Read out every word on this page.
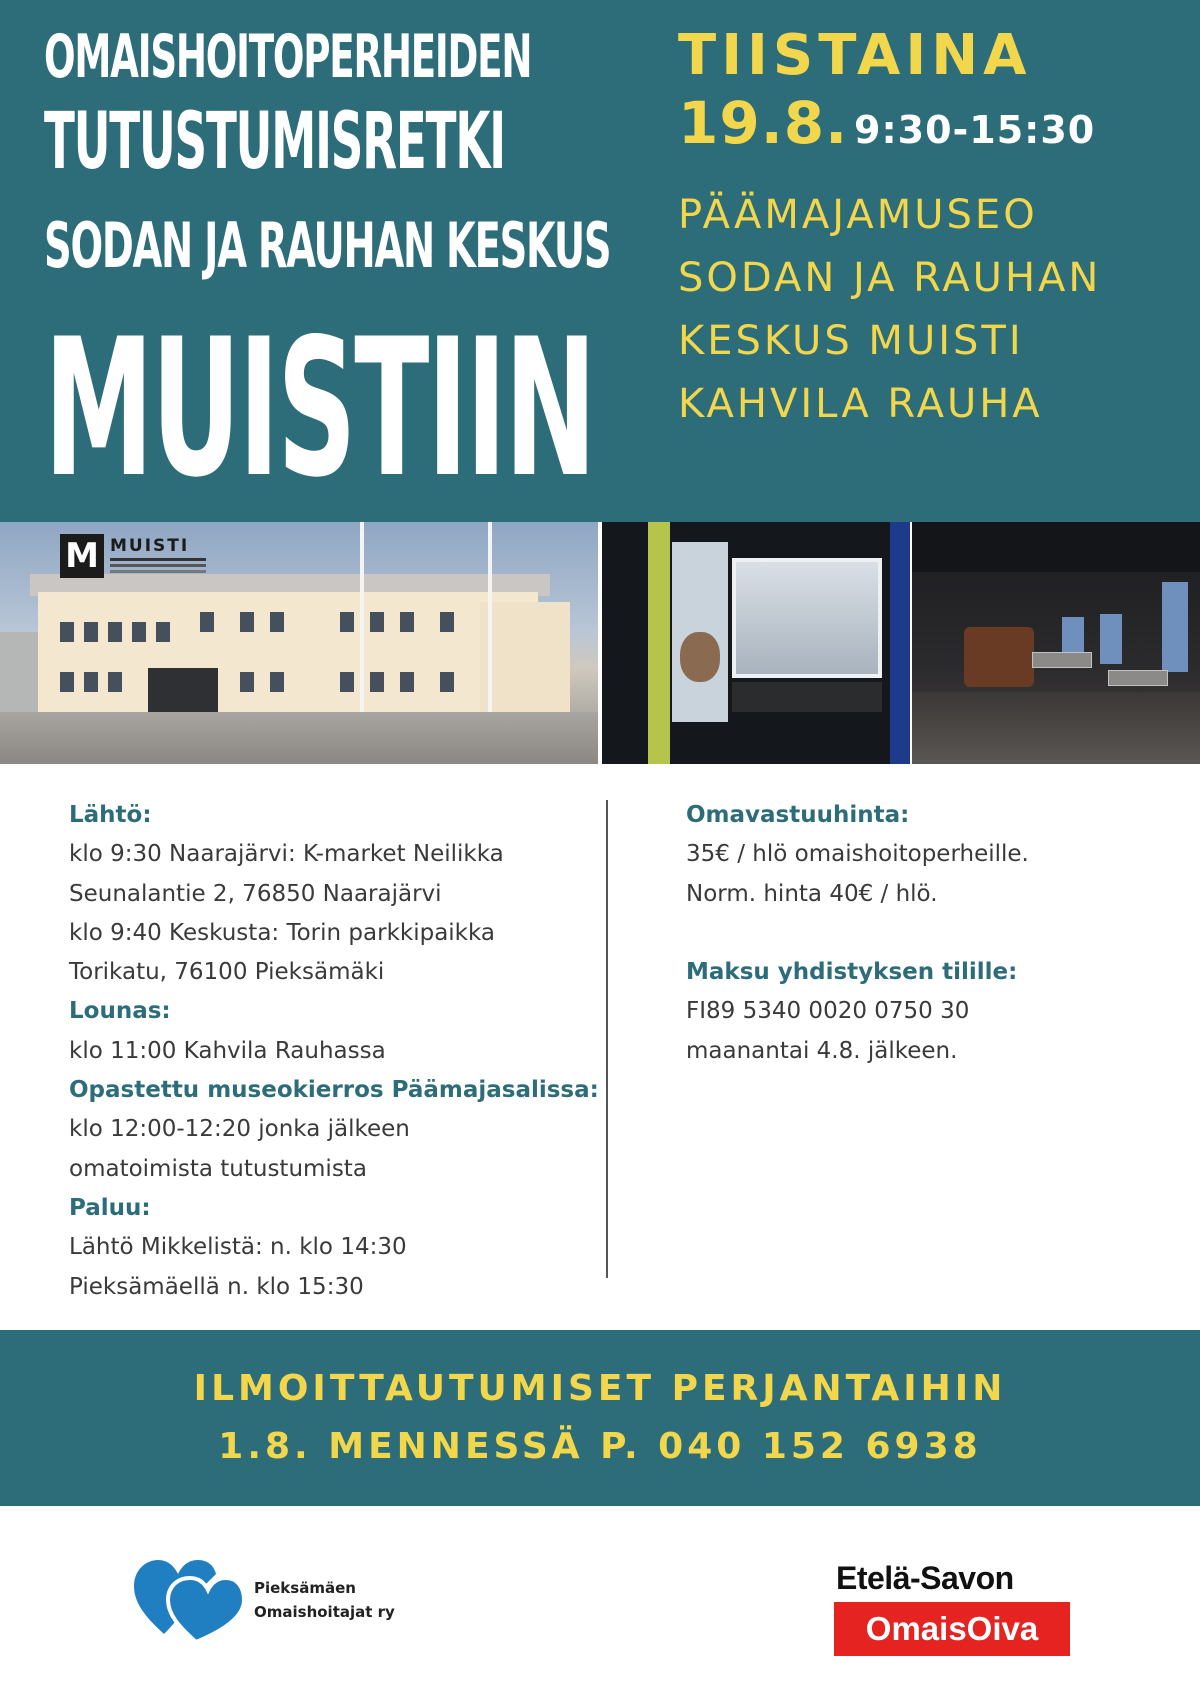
OMAISHOITOPERHEIDEN
TUTUSTUMISRETKI
SODAN JA RAUHAN KESKUS
MUISTIIN
TIISTAINA
19.8. 9:30-15:30
PÄÄMAJAMUSEO
SODAN JA RAUHAN
KESKUS MUISTI
KAHVILA RAUHA
M MUISTI
Lähtö:
klo 9:30 Naarajärvi: K-market Neilikka
Seunalantie 2, 76850 Naarajärvi
klo 9:40 Keskusta: Torin parkkipaikka
Torikatu, 76100 Pieksämäki
Lounas:
klo 11:00 Kahvila Rauhassa
Opastettu museokierros Päämajasalissa:
klo 12:00-12:20 jonka jälkeen
omatoimista tutustumista
Paluu:
Lähtö Mikkelistä: n. klo 14:30
Pieksämäellä n. klo 15:30
Omavastuuhinta:
35€ / hlö omaishoitoperheille.
Norm. hinta 40€ / hlö.
Maksu yhdistyksen tilille:
FI89 5340 0020 0750 30
maanantai 4.8. jälkeen.
ILMOITTAUTUMISET PERJANTAIHIN
1.8. MENNESSÄ P. 040 152 6938
Pieksämäen
Omaishoitajat ry
Etelä-Savon
OmaisOiva
